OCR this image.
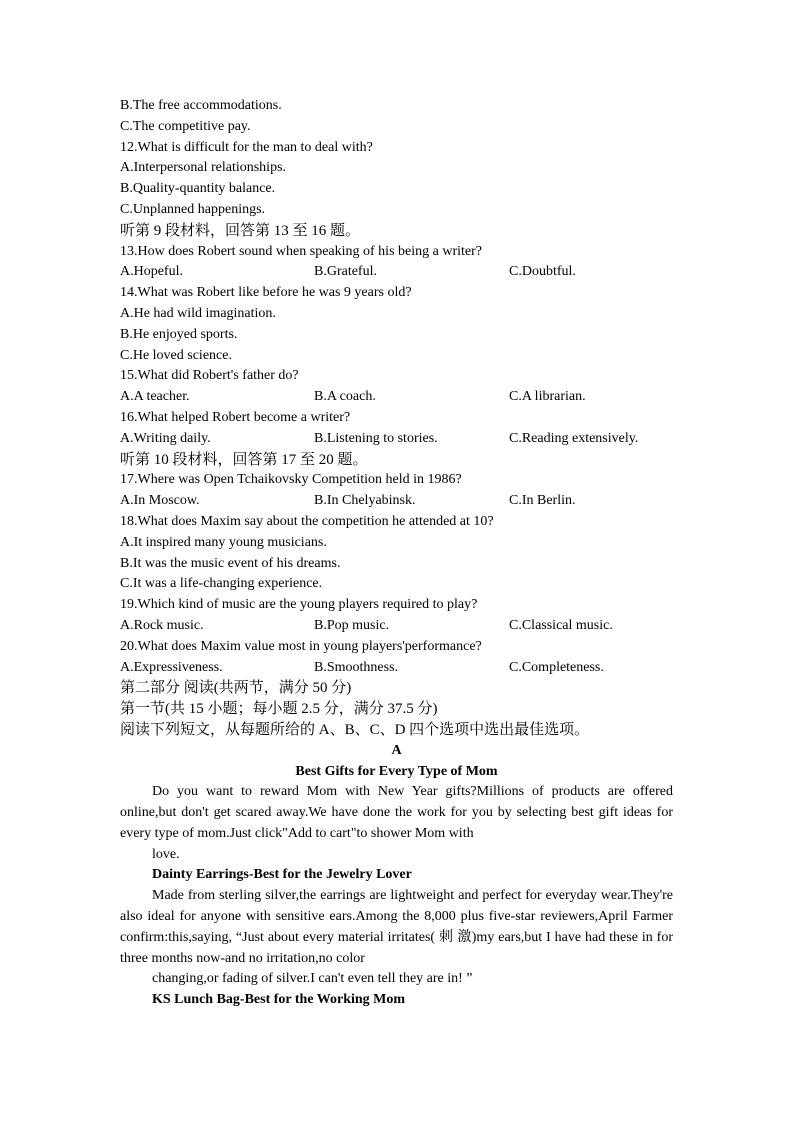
B.The free accommodations.
C.The competitive pay.
12.What is difficult for the man to deal with?
A.Interpersonal relationships.
B.Quality-quantity balance.
C.Unplanned happenings.
听第 9 段材料，回答第 13 至 16 题。
13.How does Robert sound when speaking of his being a writer?
A.Hopeful.	B.Grateful.	C.Doubtful.
14.What was Robert like before he was 9 years old?
A.He had wild imagination.
B.He enjoyed sports.
C.He loved science.
15.What did Robert's father do?
A.A teacher.	B.A coach.	C.A librarian.
16.What helped Robert become a writer?
A.Writing daily.	B.Listening to stories.	C.Reading extensively.
听第 10 段材料，回答第 17 至 20 题。
17.Where was Open Tchaikovsky Competition held in 1986?
A.In Moscow.	B.In Chelyabinsk.	C.In Berlin.
18.What does Maxim say about the competition he attended at 10?
A.It inspired many young musicians.
B.It was the music event of his dreams.
C.It was a life-changing experience.
19.Which kind of music are the young players required to play?
A.Rock music.	B.Pop music.	C.Classical music.
20.What does Maxim value most in young players'performance?
A.Expressiveness.	B.Smoothness.	C.Completeness.
第二部分 阅读(共两节，满分 50 分)
第一节(共 15 小题；每小题 2.5 分，满分 37.5 分)
阅读下列短文，从每题所给的 A、B、C、D 四个选项中选出最佳选项。
A
Best Gifts for Every Type of Mom
Do you want to reward Mom with New Year gifts?Millions of products are offered online,but don't get scared away.We have done the work for you by selecting best gift ideas for every type of mom.Just click"Add to cart"to shower Mom with
love.
Dainty Earrings-Best for the Jewelry Lover
Made from sterling silver,the earrings are lightweight and perfect for everyday wear.They're also ideal for anyone with sensitive ears.Among the 8,000 plus five-star reviewers,April Farmer confirm:this,saying, “Just about every material irritates( 刺 激)my ears,but I have had these in for three months now-and no irritation,no color
changing,or fading of silver.I can't even tell they are in! ”
KS Lunch Bag-Best for the Working Mom
